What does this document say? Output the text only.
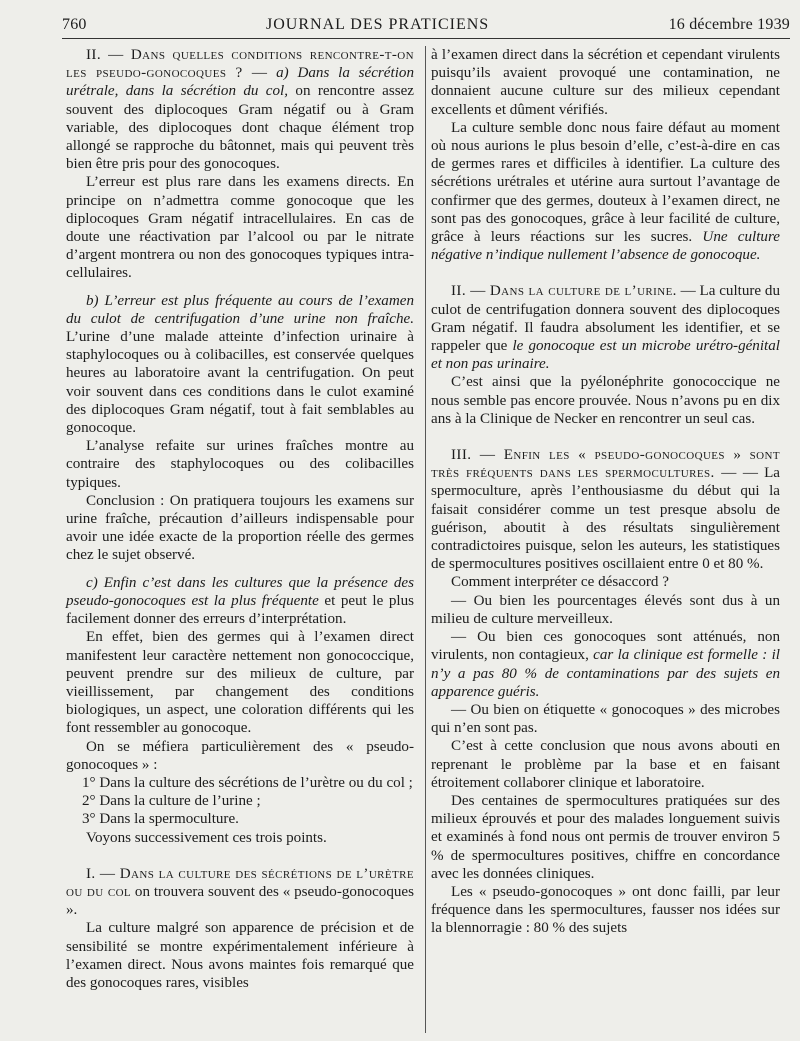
760	JOURNAL DES PRATICIENS	16 décembre 1939

II. — Dans quelles conditions rencontre-t-on les pseudo-gonocoques ? — a) Dans la sécrétion urétrale, dans la sécrétion du col, on rencontre assez souvent des diplocoques Gram négatif ou à Gram variable, des diplocoques dont chaque élément trop allongé se rapproche du bâtonnet, mais qui peuvent très bien être pris pour des gonocoques.

L’erreur est plus rare dans les examens directs. En principe on n’admettra comme gonocoque que les diplocoques Gram négatif intracellulaires. En cas de doute une réactivation par l’alcool ou par le nitrate d’argent montrera ou non des gonocoques typiques intra-cellulaires.

b) L’erreur est plus fréquente au cours de l’examen du culot de centrifugation d’une urine non fraîche. L’urine d’une malade atteinte d’infection urinaire à staphylocoques ou à colibacilles, est conservée quelques heures au laboratoire avant la centrifugation. On peut voir souvent dans ces conditions dans le culot examiné des diplocoques Gram négatif, tout à fait semblables au gonocoque.

L’analyse refaite sur urines fraîches montre au contraire des staphylocoques ou des colibacilles typiques.

Conclusion : On pratiquera toujours les examens sur urine fraîche, précaution d’ailleurs indispensable pour avoir une idée exacte de la proportion réelle des germes chez le sujet observé.

c) Enfin c’est dans les cultures que la présence des pseudo-gonocoques est la plus fréquente et peut le plus facilement donner des erreurs d’interprétation.

En effet, bien des germes qui à l’examen direct manifestent leur caractère nettement non gonococcique, peuvent prendre sur des milieux de culture, par vieillissement, par changement des conditions biologiques, un aspect, une coloration différents qui les font ressembler au gonocoque.

On se méfiera particulièrement des « pseudo-gonocoques » :

1° Dans la culture des sécrétions de l’urètre ou du col ;

2° Dans la culture de l’urine ;

3° Dans la spermoculture.

Voyons successivement ces trois points.

I. — Dans la culture des sécrétions de l’urètre ou du col on trouvera souvent des « pseudo-gonocoques ».

La culture malgré son apparence de précision et de sensibilité se montre expérimentalement inférieure à l’examen direct. Nous avons maintes fois remarqué que des gonocoques rares, visibles

à l’examen direct dans la sécrétion et cependant virulents puisqu’ils avaient provoqué une contamination, ne donnaient aucune culture sur des milieux cependant excellents et dûment vérifiés.

La culture semble donc nous faire défaut au moment où nous aurions le plus besoin d’elle, c’est-à-dire en cas de germes rares et difficiles à identifier. La culture des sécrétions urétrales et utérine aura surtout l’avantage de confirmer que des germes, douteux à l’examen direct, ne sont pas des gonocoques, grâce à leur facilité de culture, grâce à leurs réactions sur les sucres. Une culture négative n’indique nullement l’absence de gonocoque.

II. — Dans la culture de l’urine. — La culture du culot de centrifugation donnera souvent des diplocoques Gram négatif. Il faudra absolument les identifier, et se rappeler que le gonocoque est un microbe urétro-génital et non pas urinaire.

C’est ainsi que la pyélonéphrite gonococcique ne nous semble pas encore prouvée. Nous n’avons pu en dix ans à la Clinique de Necker en rencontrer un seul cas.

III. — Enfin les « pseudo-gonocoques » sont très fréquents dans les spermocultures. — — La spermoculture, après l’enthousiasme du début qui la faisait considérer comme un test presque absolu de guérison, aboutit à des résultats singulièrement contradictoires puisque, selon les auteurs, les statistiques de spermocultures positives oscillaient entre 0 et 80 %.

Comment interpréter ce désaccord ?

— Ou bien les pourcentages élevés sont dus à un milieu de culture merveilleux.

— Ou bien ces gonocoques sont atténués, non virulents, non contagieux, car la clinique est formelle : il n’y a pas 80 % de contaminations par des sujets en apparence guéris.

— Ou bien on étiquette « gonocoques » des microbes qui n’en sont pas.

C’est à cette conclusion que nous avons abouti en reprenant le problème par la base et en faisant étroitement collaborer clinique et laboratoire.

Des centaines de spermocultures pratiquées sur des milieux éprouvés et pour des malades longuement suivis et examinés à fond nous ont permis de trouver environ 5 % de spermocultures positives, chiffre en concordance avec les données cliniques.

Les « pseudo-gonocoques » ont donc failli, par leur fréquence dans les spermocultures, fausser nos idées sur la blennorragie : 80 % des sujets
